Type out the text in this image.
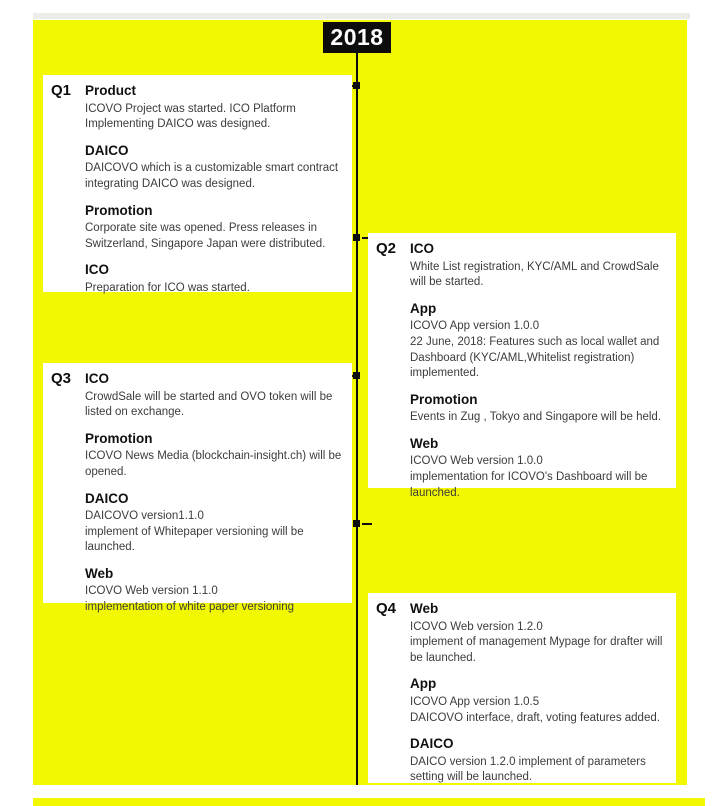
2018
Q1 Product

ICOVO Project was started. ICO Platform Implementing DAICO was designed.

DAICO

DAICOVO which is a customizable smart contract integrating DAICO was designed.

Promotion

Corporate site was opened. Press releases in Switzerland, Singapore Japan were distributed.

ICO

Preparation for ICO was started.

Q2 ICO

White List registration, KYC/AML and CrowdSale will be started.

App

ICOVO App version 1.0.0

22 June, 2018: Features such as local wallet and Dashboard (KYC/AML,Whitelist registration) implemented.

Promotion

Events in Zug , Tokyo and Singapore will be held.

Web

ICOVO Web version 1.0.0

implementation for ICOVO's Dashboard will be launched.

Q3 ICO

CrowdSale will be started and OVO token will be listed on exchange.

Promotion

ICOVO News Media (blockchain-insight.ch) will be opened.

DAICO

DAICOVO version1.1.0

implement of Whitepaper versioning will be launched.

Web

ICOVO Web version 1.1.0

implementation of white paper versioning	Q4 Web

ICOVO Web version 1.2.0

implement of management Mypage for drafter will be launched.

App

ICOVO App version 1.0.5

DAICOVO interface, draft, voting features added.

DAICO

DAICO version 1.2.0 implement of parameters setting will be launched.
